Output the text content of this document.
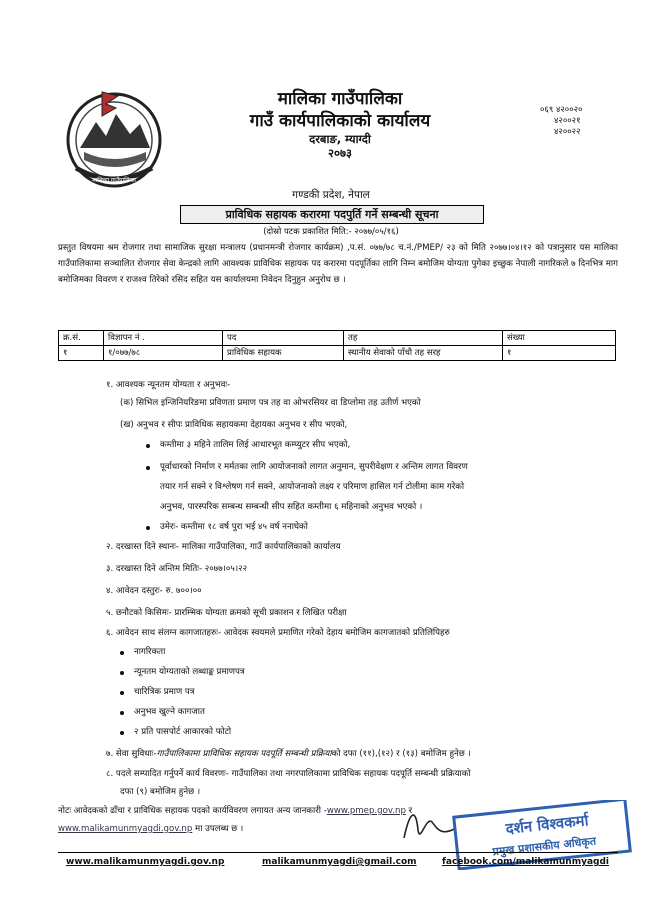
मालिका गाउँपालिका
मालिका गाउँपालिका
गाउँ कार्यपालिकाको कार्यालय
दरबाङ, म्याग्दी
२०७३
०६९ ४२००२०
४२००२१
४२००२२
गण्डकी प्रदेश, नेपाल
प्राविधिक सहायक करारमा पदपुर्ति गर्ने सम्बन्धी सूचना
(दोस्रो पटक प्रकाशित मिति:- २०७७/०५/१६)
प्रस्तुत विषयमा श्रम रोजगार तथा सामाजिक सुरक्षा मन्त्रालय (प्रधानमन्त्री रोजगार कार्यक्रम) ,प.सं. ०७७/७८ च.नं./PMEP/ २३ को मिति २०७७।०४।१२ को पत्रानुसार यस मालिका गाउँपालिकामा सञ्चालित रोजगार सेवा केन्द्रको लागि आवश्यक प्राविधिक सहायक पद करारमा पदपूर्तिका लागि निम्न बमोजिम योग्यता पुगेका इच्छुक नेपाली नागरिकले ७ दिनभित्र माग बमोजिमका विवरण र राजश्व तिरेको रसिद सहित यस कार्यालयमा निवेदन दिनुहुन अनुरोध छ ।
क्र.सं.	विज्ञापन नं .	पद	तह	संख्या
१	१/०७७/७८	प्राविधिक सहायक	स्थानीय सेवाको पाँचौ तह सरह	१
१. आवश्यक न्यूनतम योग्यता र अनुभवः-
(क) सिभिल इन्जिनियरिङमा प्रविणता प्रमाण पत्र तह वा ओभरसियर वा डिप्लोमा तह उतीर्ण भएको
(ख) अनुभव र सीपः प्राविधिक सहायकमा देहायका अनुभव र सीप भएको,
कम्तीमा ३ महिने तालिम लिई आधारभूत कम्प्युटर सीप भएको,
पूर्वाधारको निर्माण र मर्मतका लागि आयोजनाको लागत अनुमान, सुपरीवेक्षण र अन्तिम लागत विवरण
तयार गर्न सक्ने र विश्लेषण गर्न सक्ने, आयोजनाको लक्ष्य र परिमाण हासिल गर्न टोलीमा काम गरेको
अनुभव, पारस्परिक सम्बन्ध सम्बन्धी सीप सहित कम्तीमा ६ महिनाको अनुभव भएको ।
उमेरः- कम्तीमा १८ वर्ष पुरा भई ४५ वर्ष ननाघेको
२. दरखास्त दिने स्थानः- मालिका गाउँपालिका, गाउँ कार्यपालिकाको कार्यालय
३. दरखास्त दिने अन्तिम मितिः- २०७७।०५।२२
४. आवेदन दस्तुरः- रु. ७००।००
५. छनौटको किसिमः- प्रारम्भिक योग्यता क्रमको सूची प्रकाशन र लिखित परीक्षा
६. आवेदन साथ संलग्न कागजातहरुः- आवेदक स्वयमले प्रमाणित गरेको देहाय बमोजिम कागजातको प्रतिलिपिहरु
नागरिकता
न्यूनतम योग्यताको लब्धाङ्क प्रमाणपत्र
चारित्रिक प्रमाण पत्र
अनुभव खुल्ने कागजात
२ प्रति पासपोर्ट आकारको फोटो
७. सेवा सुविधाः-गाउँपालिकामा प्राविधिक सहायक पदपूर्ति सम्बन्धी प्रक्रियाको दफा (११),(१२) र (१३) बमोजिम हुनेछ ।
८. पदले सम्पादित गर्नुपर्ने कार्य विवरणः- गाउँपालिका तथा नगरपालिकामा प्राविधिक सहायक पदपूर्ति सम्बन्धी प्रक्रियाको
दफा (९) बमोजिम हुनेछ ।
नोटः आवेदकको ढाँचा र प्राविधिक सहायक पदको कार्यविवरण लगायत अन्य जानकारी -www.pmep.gov.np र
www.malikamunmyagdi.gov.np मा उपलब्ध छ ।	दर्शन विश्वकर्मा
प्रमुख प्रशासकीय अधिकृत
www.malikamunmyagdi.gov.np	malikamunmyagdi@gmail.com	facebook.com/malikamunmyagdi
